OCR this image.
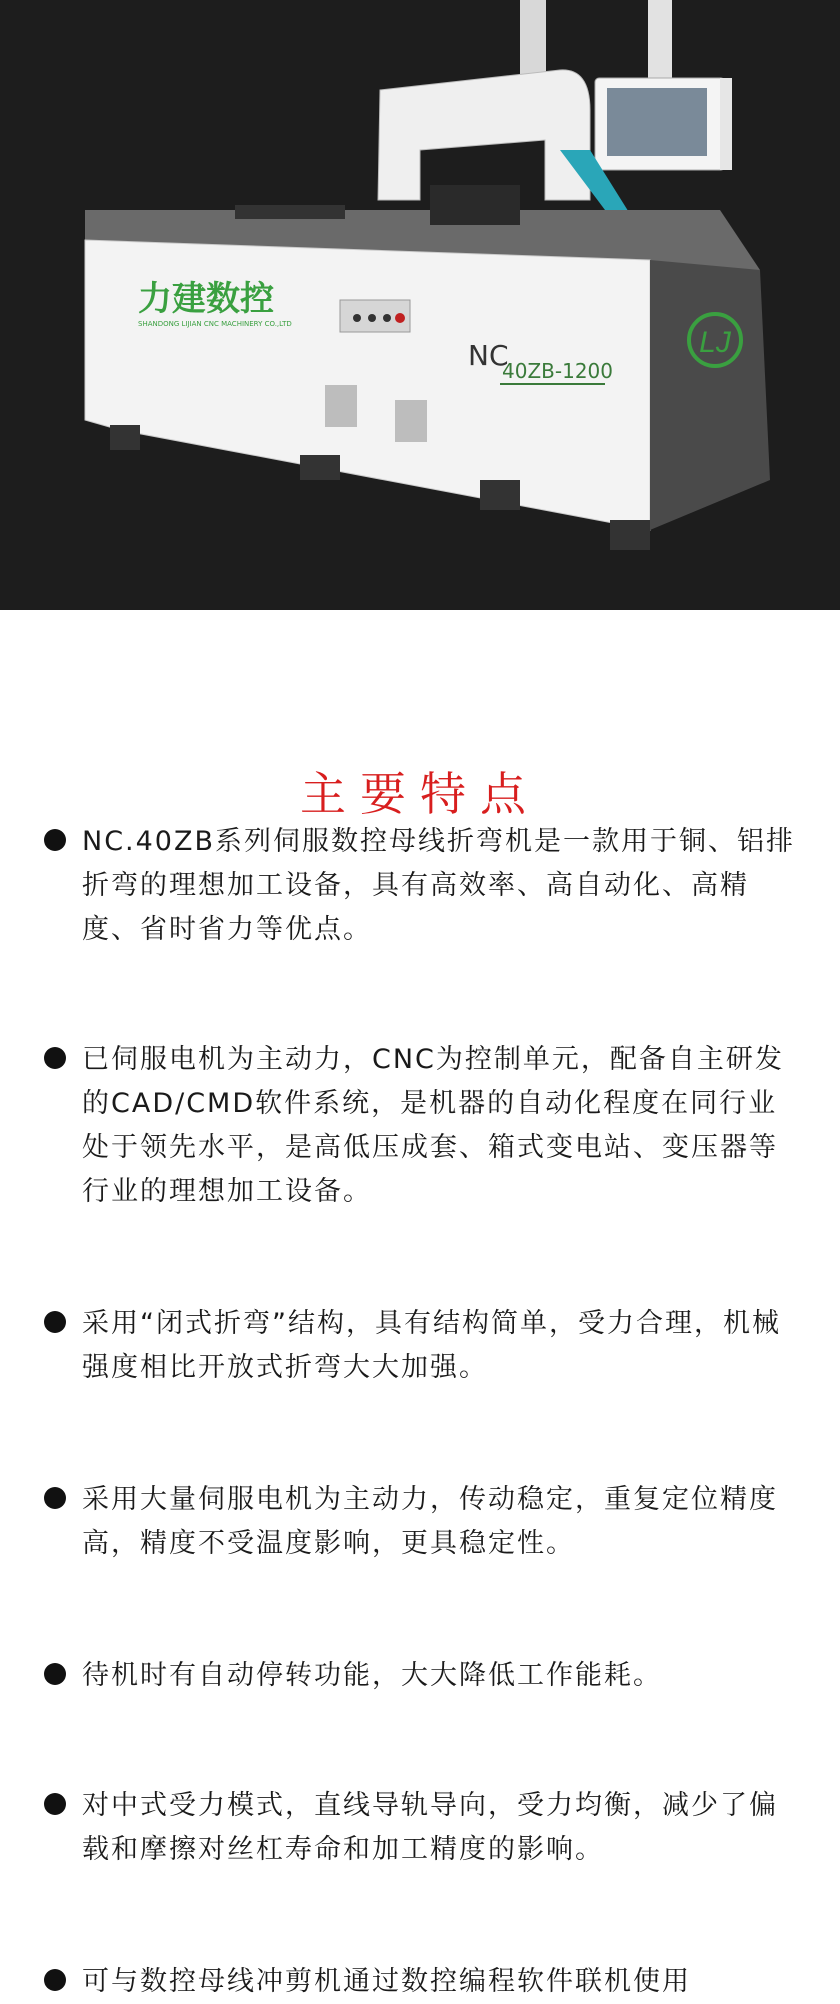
LJ
力建数控
SHANDONG LIJIAN CNC MACHINERY CO.,LTD
NC
40ZB-1200
主要特点
NC.40ZB系列伺服数控母线折弯机是一款用于铜、铝排折弯的理想加工设备，具有高效率、高自动化、高精度、省时省力等优点。
已伺服电机为主动力，CNC为控制单元，配备自主研发的CAD/CMD软件系统，是机器的自动化程度在同行业处于领先水平，是高低压成套、箱式变电站、变压器等行业的理想加工设备。
采用“闭式折弯”结构，具有结构简单，受力合理，机械强度相比开放式折弯大大加强。
采用大量伺服电机为主动力，传动稳定，重复定位精度高，精度不受温度影响，更具稳定性。
待机时有自动停转功能，大大降低工作能耗。
对中式受力模式，直线导轨导向，受力均衡，减少了偏载和摩擦对丝杠寿命和加工精度的影响。
可与数控母线冲剪机通过数控编程软件联机使用
